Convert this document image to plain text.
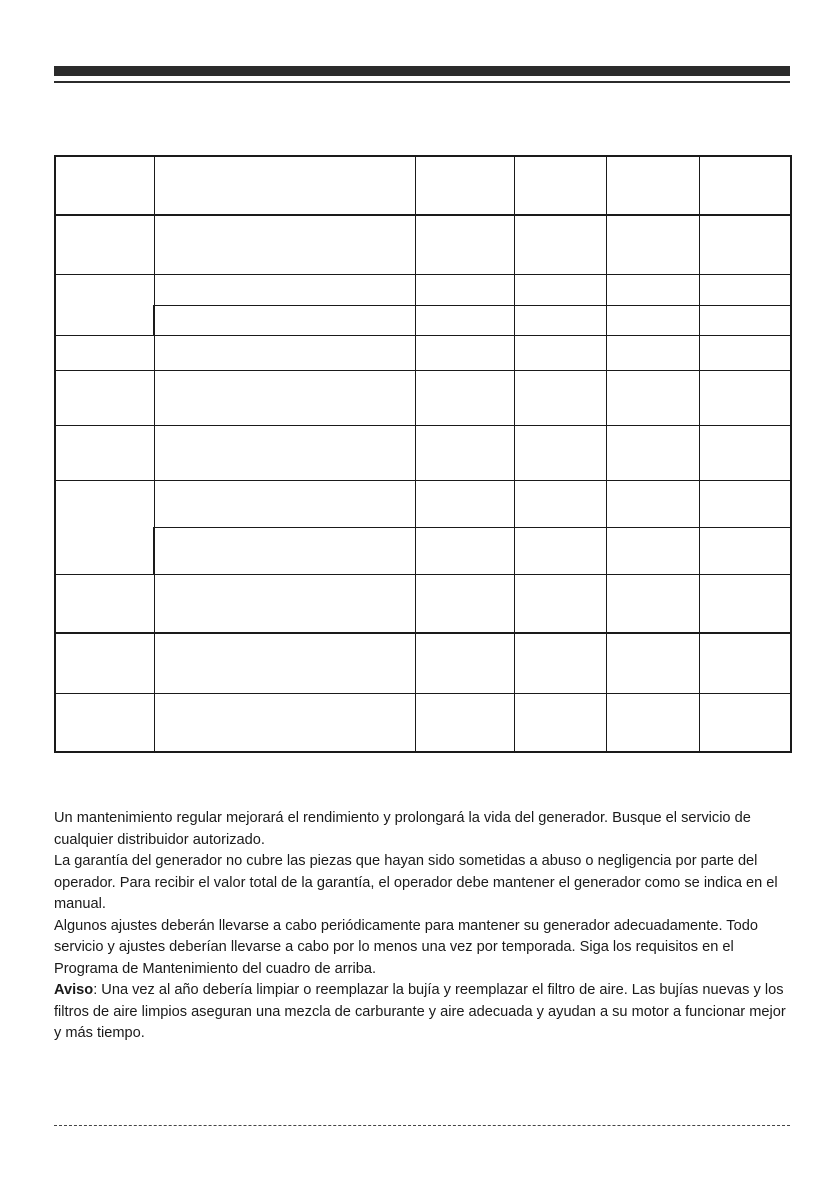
Un mantenimiento regular mejorará el rendimiento y prolongará la vida del generador. Busque el servicio de cualquier distribuidor autorizado.

La garantía del generador no cubre las piezas que hayan sido sometidas a abuso o negligencia por parte del operador. Para recibir el valor total de la garantía, el operador debe mantener el generador como se indica en el manual.

Algunos ajustes deberán llevarse a cabo periódicamente para mantener su generador adecuadamente. Todo servicio y ajustes deberían llevarse a cabo por lo menos una vez por temporada. Siga los requisitos en el Programa de Mantenimiento del cuadro de arriba.

Aviso: Una vez al año debería limpiar o reemplazar la bujía y reemplazar el filtro de aire. Las bujías nuevas y los filtros de aire limpios aseguran una mezcla de carburante y aire adecuada y ayudan a su motor a funcionar mejor y más tiempo.
